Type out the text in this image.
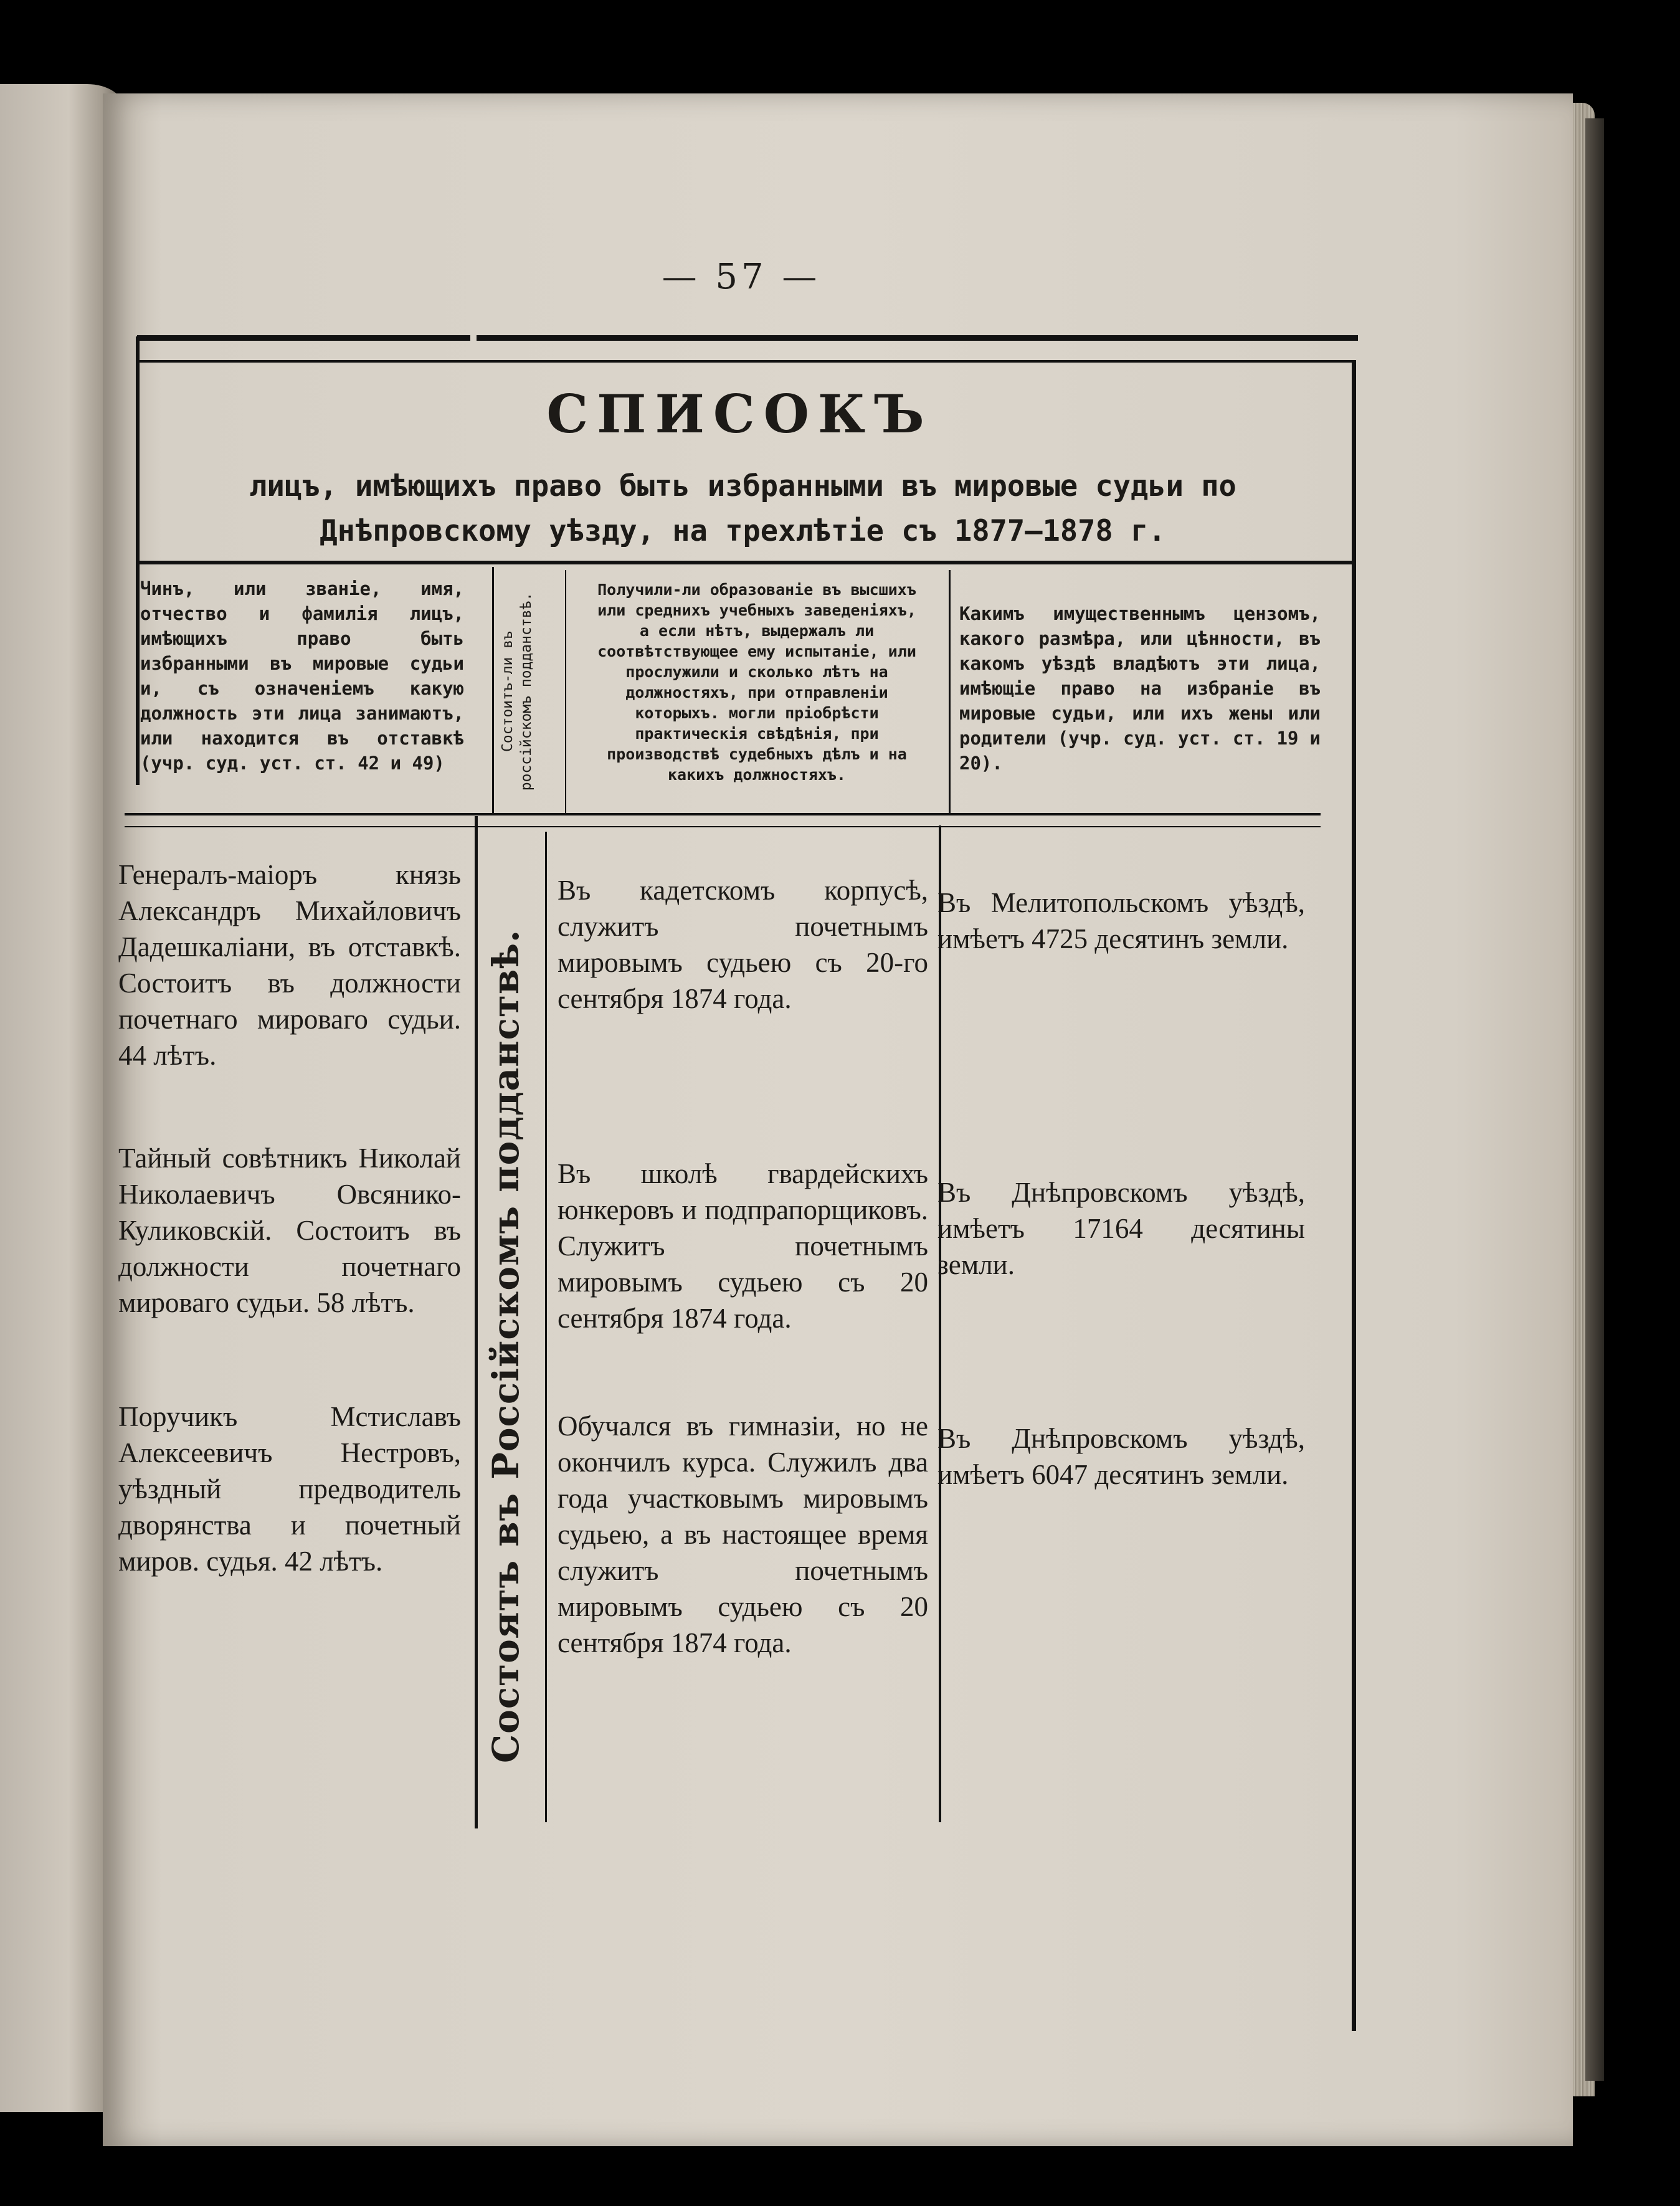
— 57 —

СПИСОКЪ
лицъ, имѣющихъ право быть избранными въ мировые судьи по
Днѣпровскому уѣзду, на трехлѣтіе съ 1877—1878 г.
Чинъ, или званіе, имя, отчество и фамилія лицъ, имѣющихъ право быть избранными въ мировые судьи и, съ означеніемъ какую должность эти лица занимаютъ, или находится въ отставкѣ (учр. суд. уст. ст. 42 и 49)
Состоитъ-ли въ россійскомъ подданствѣ.
Получили-ли образованіе въ высшихъ или среднихъ учебныхъ заведеніяхъ, а если нѣтъ, выдержалъ ли соотвѣтствующее ему испытаніе, или прослужили и сколько лѣтъ на должностяхъ, при отправленіи которыхъ. могли пріобрѣсти практическія свѣдѣнія, при производствѣ судебныхъ дѣлъ и на какихъ должностяхъ.
Какимъ имущественнымъ цензомъ, какого размѣра, или цѣнности, въ какомъ уѣздѣ владѣютъ эти лица, имѣющіе право на избраніе въ мировые судьи, или ихъ жены или родители (учр. суд. уст. ст. 19 и 20).
Состоятъ въ Россійскомъ подданствѣ.
Генералъ-маіоръ князь Александръ Михайловичъ Дадешкаліани, въ отставкѣ. Состоитъ въ должности почетнаго мироваго судьи. 44 лѣтъ.
Въ кадетскомъ корпусѣ, служитъ почетнымъ мировымъ судьею съ 20-го сентября 1874 года.
Въ Мелитопольскомъ уѣздѣ, имѣетъ 4725 десятинъ земли.
Тайный совѣтникъ Николай Николаевичъ Овсянико-Куликовскій. Состоитъ въ должности почетнаго мироваго судьи. 58 лѣтъ.
Въ школѣ гвардейскихъ юнкеровъ и подпрапорщиковъ. Служитъ почетнымъ мировымъ судьею съ 20 сентября 1874 года.
Въ Днѣпровскомъ уѣздѣ, имѣетъ 17164 десятины земли.
Поручикъ Мстиславъ Алексеевичъ Нестровъ, уѣздный предводитель дворянства и почетный миров. судья. 42 лѣтъ.
Обучался въ гимназіи, но не окончилъ курса. Служилъ два года участковымъ мировымъ судьею, а въ настоящее время служитъ почетнымъ мировымъ судьею съ 20 сентября 1874 года.
Въ Днѣпровскомъ уѣздѣ, имѣетъ 6047 десятинъ земли.
